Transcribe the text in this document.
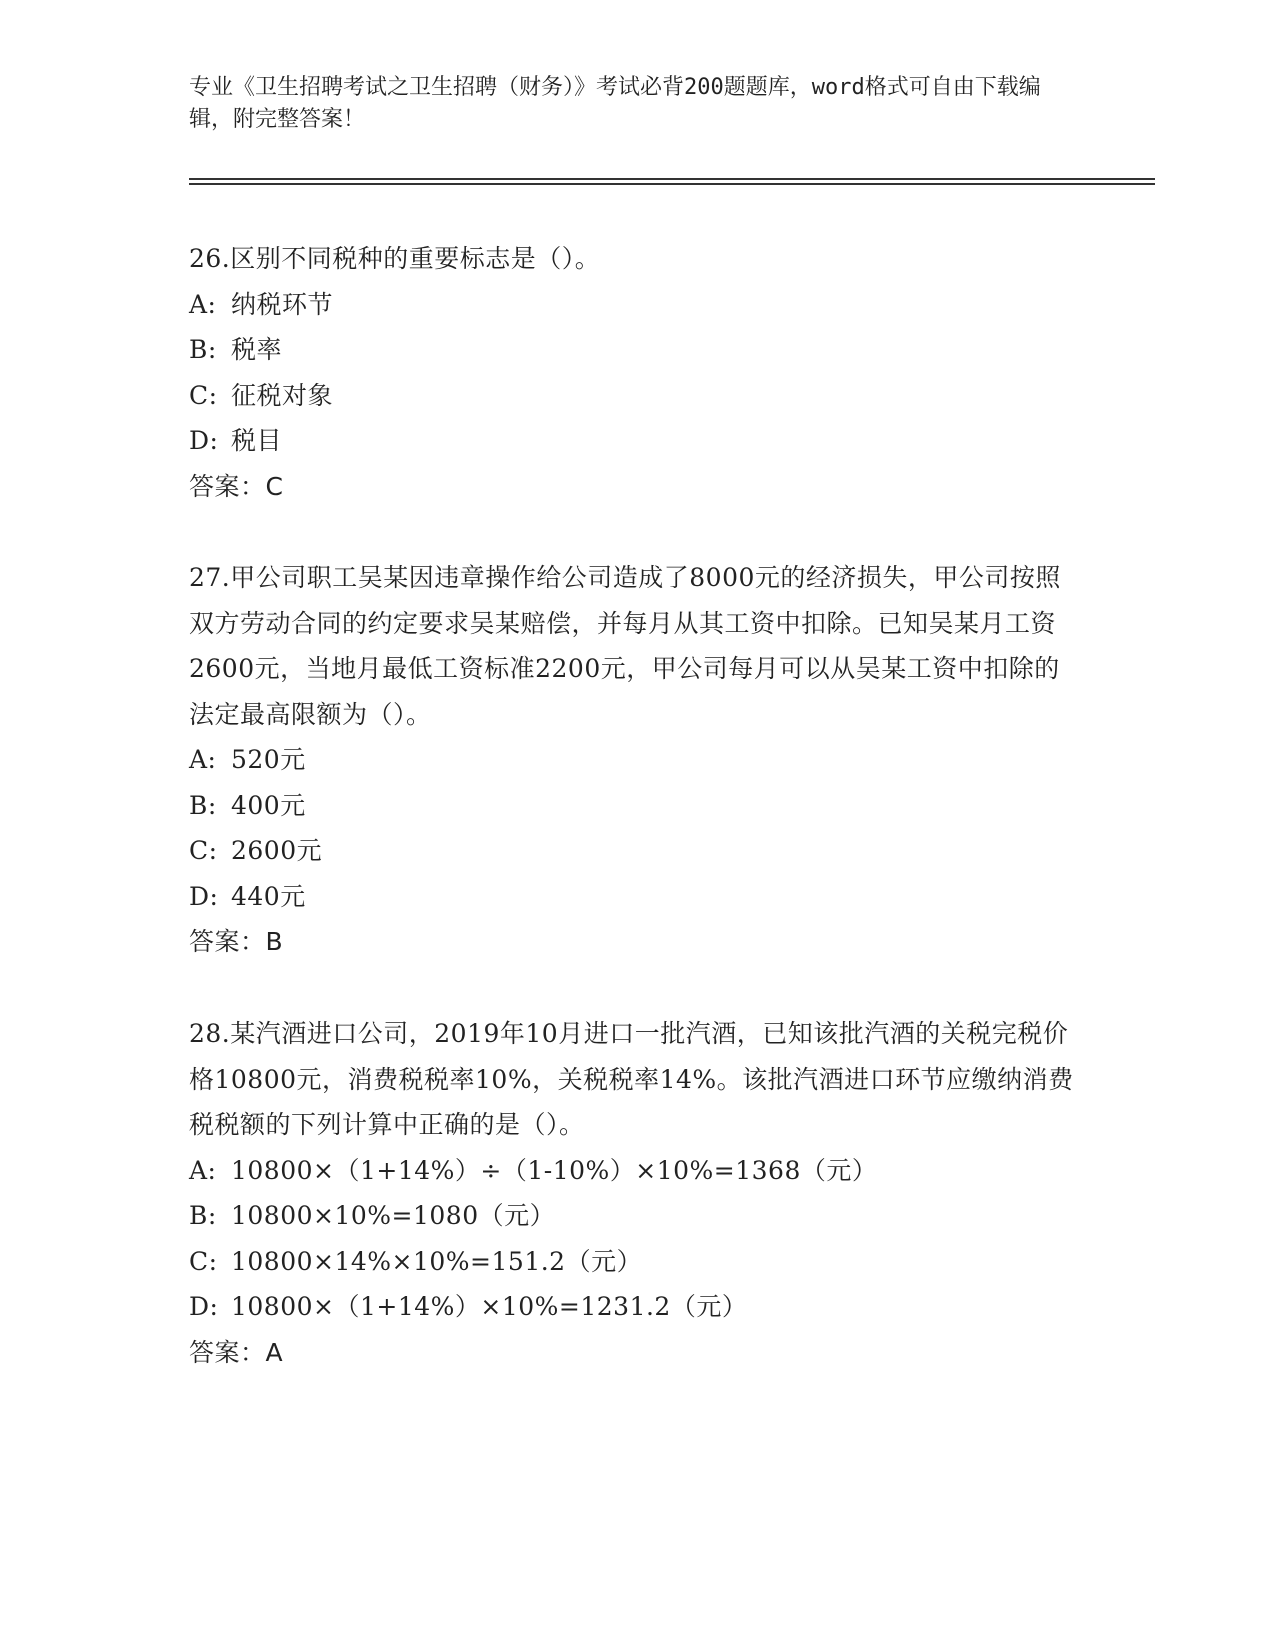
专业《卫生招聘考试之卫生招聘（财务）》考试必背200题题库，word格式可自由下载编辑，附完整答案！

26.区别不同税种的重要标志是（）。

A: 纳税环节

B: 税率

C: 征税对象

D: 税目

答案：C

27.甲公司职工吴某因违章操作给公司造成了8000元的经济损失，甲公司按照双方劳动合同的约定要求吴某赔偿，并每月从其工资中扣除。已知吴某月工资2600元，当地月最低工资标准2200元，甲公司每月可以从吴某工资中扣除的法定最高限额为（）。

A: 520元

B: 400元

C: 2600元

D: 440元

答案：B

28.某汽酒进口公司，2019年10月进口一批汽酒，已知该批汽酒的关税完税价格10800元，消费税税率10%，关税税率14%。该批汽酒进口环节应缴纳消费税税额的下列计算中正确的是（）。

A: 10800×（1+14%）÷（1-10%）×10%=1368（元）

B: 10800×10%=1080（元）

C: 10800×14%×10%=151.2（元）

D: 10800×（1+14%）×10%=1231.2（元）

答案：A
